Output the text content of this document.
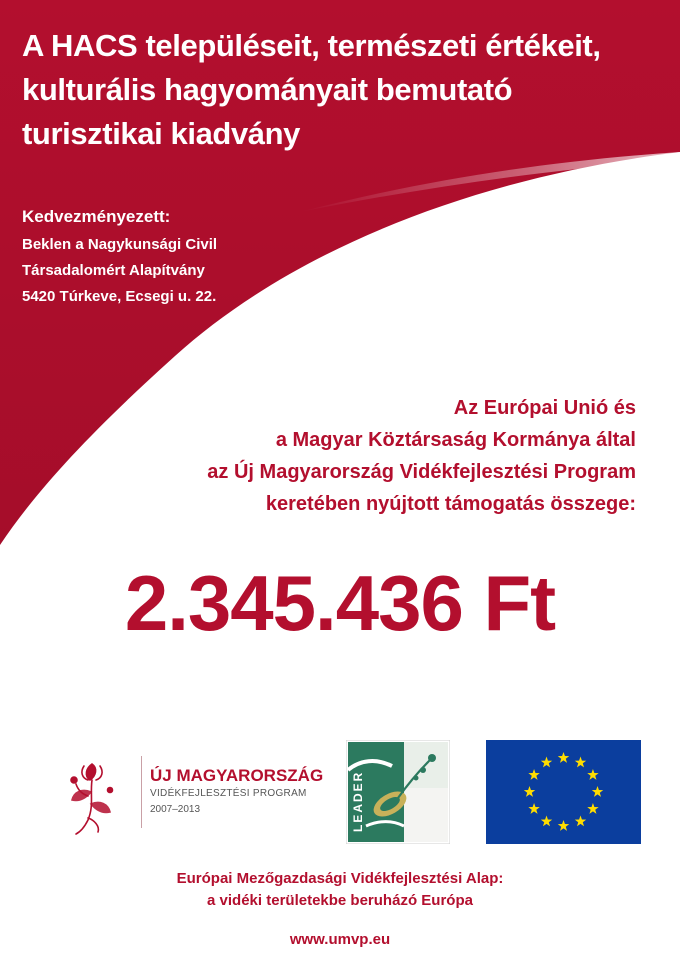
A HACS településeit, természeti értékeit,
kulturális hagyományait bemutató
turisztikai kiadvány
Kedvezményezett:
Beklen a Nagykunsági Civil
Társadalomért Alapítvány
5420 Túrkeve, Ecsegi u. 22.
Az Európai Unió és
a Magyar Köztársaság Kormánya által
az Új Magyarország Vidékfejlesztési Program
keretében nyújtott támogatás összege:
2.345.436 Ft
ÚJ MAGYARORSZÁG
VIDÉKFEJLESZTÉSI PROGRAM
2007–2013	LEADER
Európai Mezőgazdasági Vidékfejlesztési Alap:
a vidéki területekbe beruházó Európa
www.umvp.eu
